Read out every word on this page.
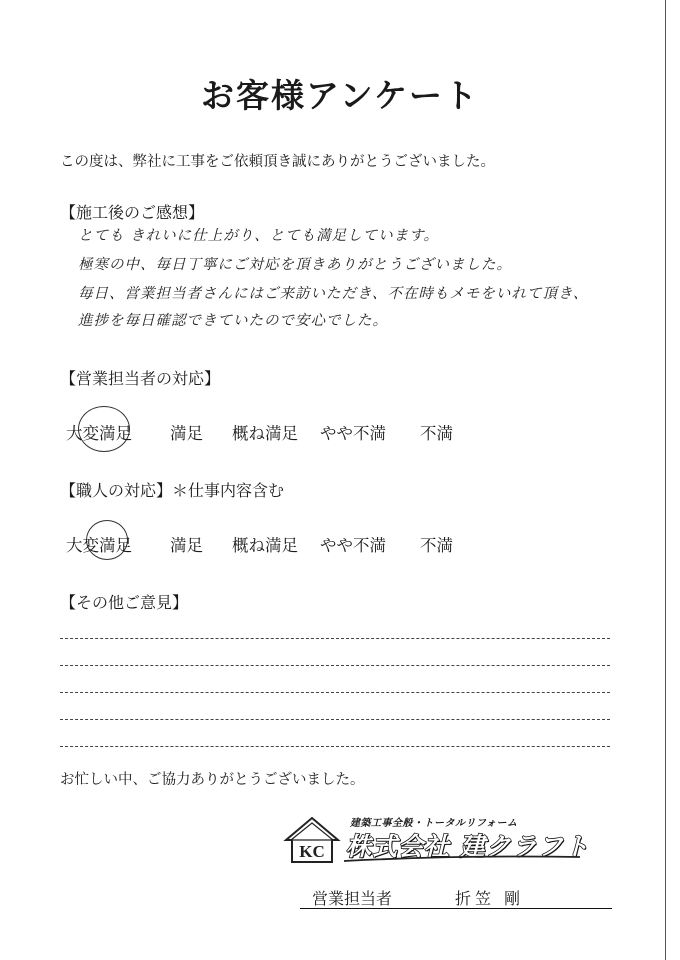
お客様アンケート
この度は、弊社に工事をご依頼頂き誠にありがとうございました。
【施工後のご感想】
とても きれいに仕上がり、とても満足しています。
極寒の中、毎日丁寧にご対応を頂きありがとうございました。
毎日、営業担当者さんにはご来訪いただき、不在時もメモをいれて頂き、
進捗を毎日確認できていたので安心でした。
【営業担当者の対応】
大変満足 満足 概ね満足 やや不満 不満
【職人の対応】＊仕事内容含む
大変満足 満足 概ね満足 やや不満 不満
【その他ご意見】
お忙しい中、ご協力ありがとうございました。
KC
建築工事全般・トータルリフォーム
株式会社 建クラフト
営業担当者	折笠 剛
